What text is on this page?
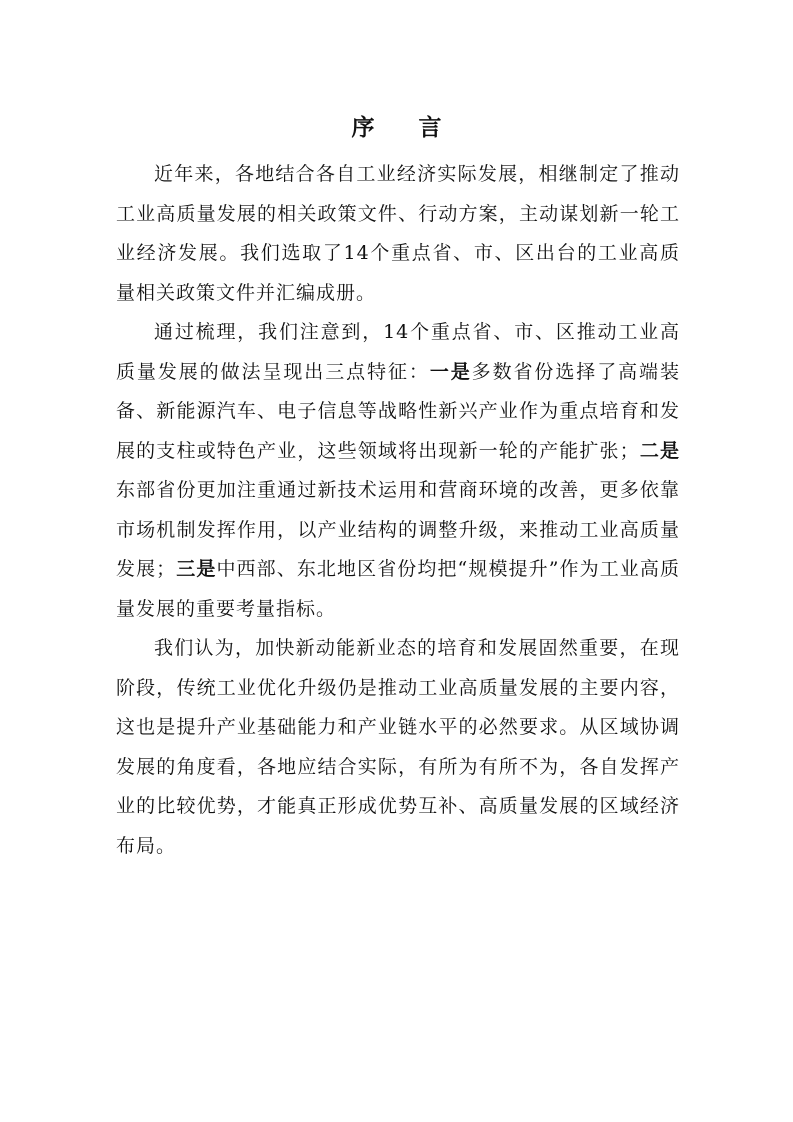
序 言

近年来，各地结合各自工业经济实际发展，相继制定了推动工业高质量发展的相关政策文件、行动方案，主动谋划新一轮工业经济发展。我们选取了14个重点省、市、区出台的工业高质量相关政策文件并汇编成册。

通过梳理，我们注意到，14个重点省、市、区推动工业高质量发展的做法呈现出三点特征：一是多数省份选择了高端装备、新能源汽车、电子信息等战略性新兴产业作为重点培育和发展的支柱或特色产业，这些领域将出现新一轮的产能扩张；二是东部省份更加注重通过新技术运用和营商环境的改善，更多依靠市场机制发挥作用，以产业结构的调整升级，来推动工业高质量发展；三是中西部、东北地区省份均把“规模提升”作为工业高质量发展的重要考量指标。

我们认为，加快新动能新业态的培育和发展固然重要，在现阶段，传统工业优化升级仍是推动工业高质量发展的主要内容，这也是提升产业基础能力和产业链水平的必然要求。从区域协调发展的角度看，各地应结合实际，有所为有所不为，各自发挥产业的比较优势，才能真正形成优势互补、高质量发展的区域经济布局。
